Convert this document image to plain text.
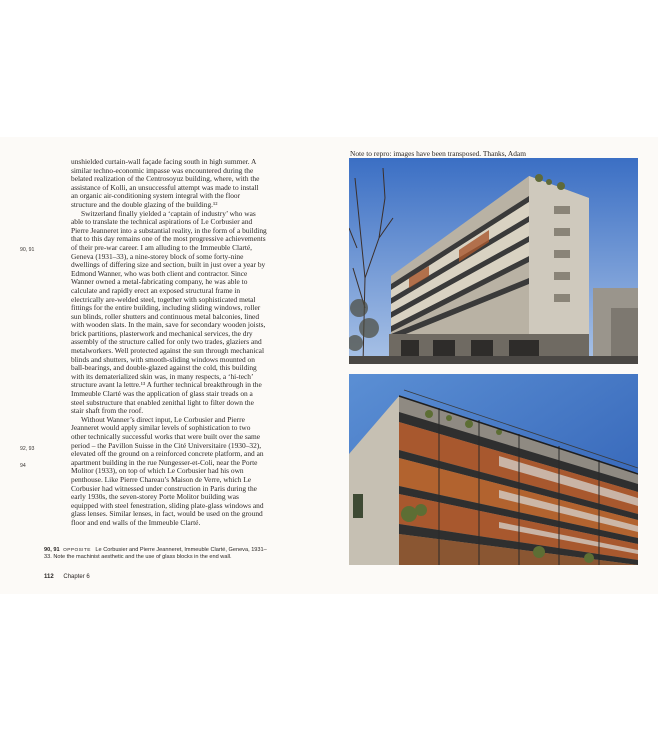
unshielded curtain-wall façade facing south in high summer. A similar techno-economic impasse was encountered during the belated realization of the Centrosoyuz building, where, with the assistance of Kolli, an unsuccessful attempt was made to install an organic air-conditioning system integral with the floor structure and the double glazing of the building.¹²

Switzerland finally yielded a ‘captain of industry’ who was able to translate the technical aspirations of Le Corbusier and Pierre Jeanneret into a substantial reality, in the form of a building that to this day remains one of the most progressive achievements of their pre-war career. I am alluding to the Immeuble Clarté, Geneva (1931–33), a nine-storey block of some forty-nine dwellings of differing size and section, built in just over a year by Edmond Wanner, who was both client and contractor. Since Wanner owned a metal-fabricating company, he was able to calculate and rapidly erect an exposed structural frame in electrically are-welded steel, together with sophisticated metal fittings for the entire building, including sliding windows, roller sun blinds, roller shutters and continuous metal balconies, lined with wooden slats. In the main, save for secondary wooden joists, brick partitions, plasterwork and mechanical services, the dry assembly of the structure called for only two trades, glaziers and metalworkers. Well protected against the sun through mechanical blinds and shutters, with smooth-sliding windows mounted on ball-bearings, and double-glazed against the cold, this building with its dematerialized skin was, in many respects, a ‘hi-tech’ structure avant la lettre.¹³ A further technical breakthrough in the Immeuble Clarté was the application of glass stair treads on a steel substructure that enabled zenithal light to filter down the stair shaft from the roof.

Without Wanner’s direct input, Le Corbusier and Pierre Jeanneret would apply similar levels of sophistication to two other technically successful works that were built over the same period – the Pavillon Suisse in the Cité Universitaire (1930–32), elevated off the ground on a reinforced concrete platform, and an apartment building in the rue Nungesser-et-Coli, near the Porte Molitor (1933), on top of which Le Corbusier had his own penthouse. Like Pierre Chareau’s Maison de Verre, which Le Corbusier had witnessed under construction in Paris during the early 1930s, the seven-storey Porte Molitor building was equipped with steel fenestration, sliding plate-glass windows and glass lenses. Similar lenses, in fact, would be used on the ground floor and end walls of the Immeuble Clarté.

90, 91
92, 93
94
90, 91 OPPOSITE Le Corbusier and Pierre Jeanneret, Immeuble Clarté, Geneva, 1931–33. Note the machinist aesthetic and the use of glass blocks in the end wall.
112 Chapter 6
Note to repro: images have been transposed. Thanks, Adam
